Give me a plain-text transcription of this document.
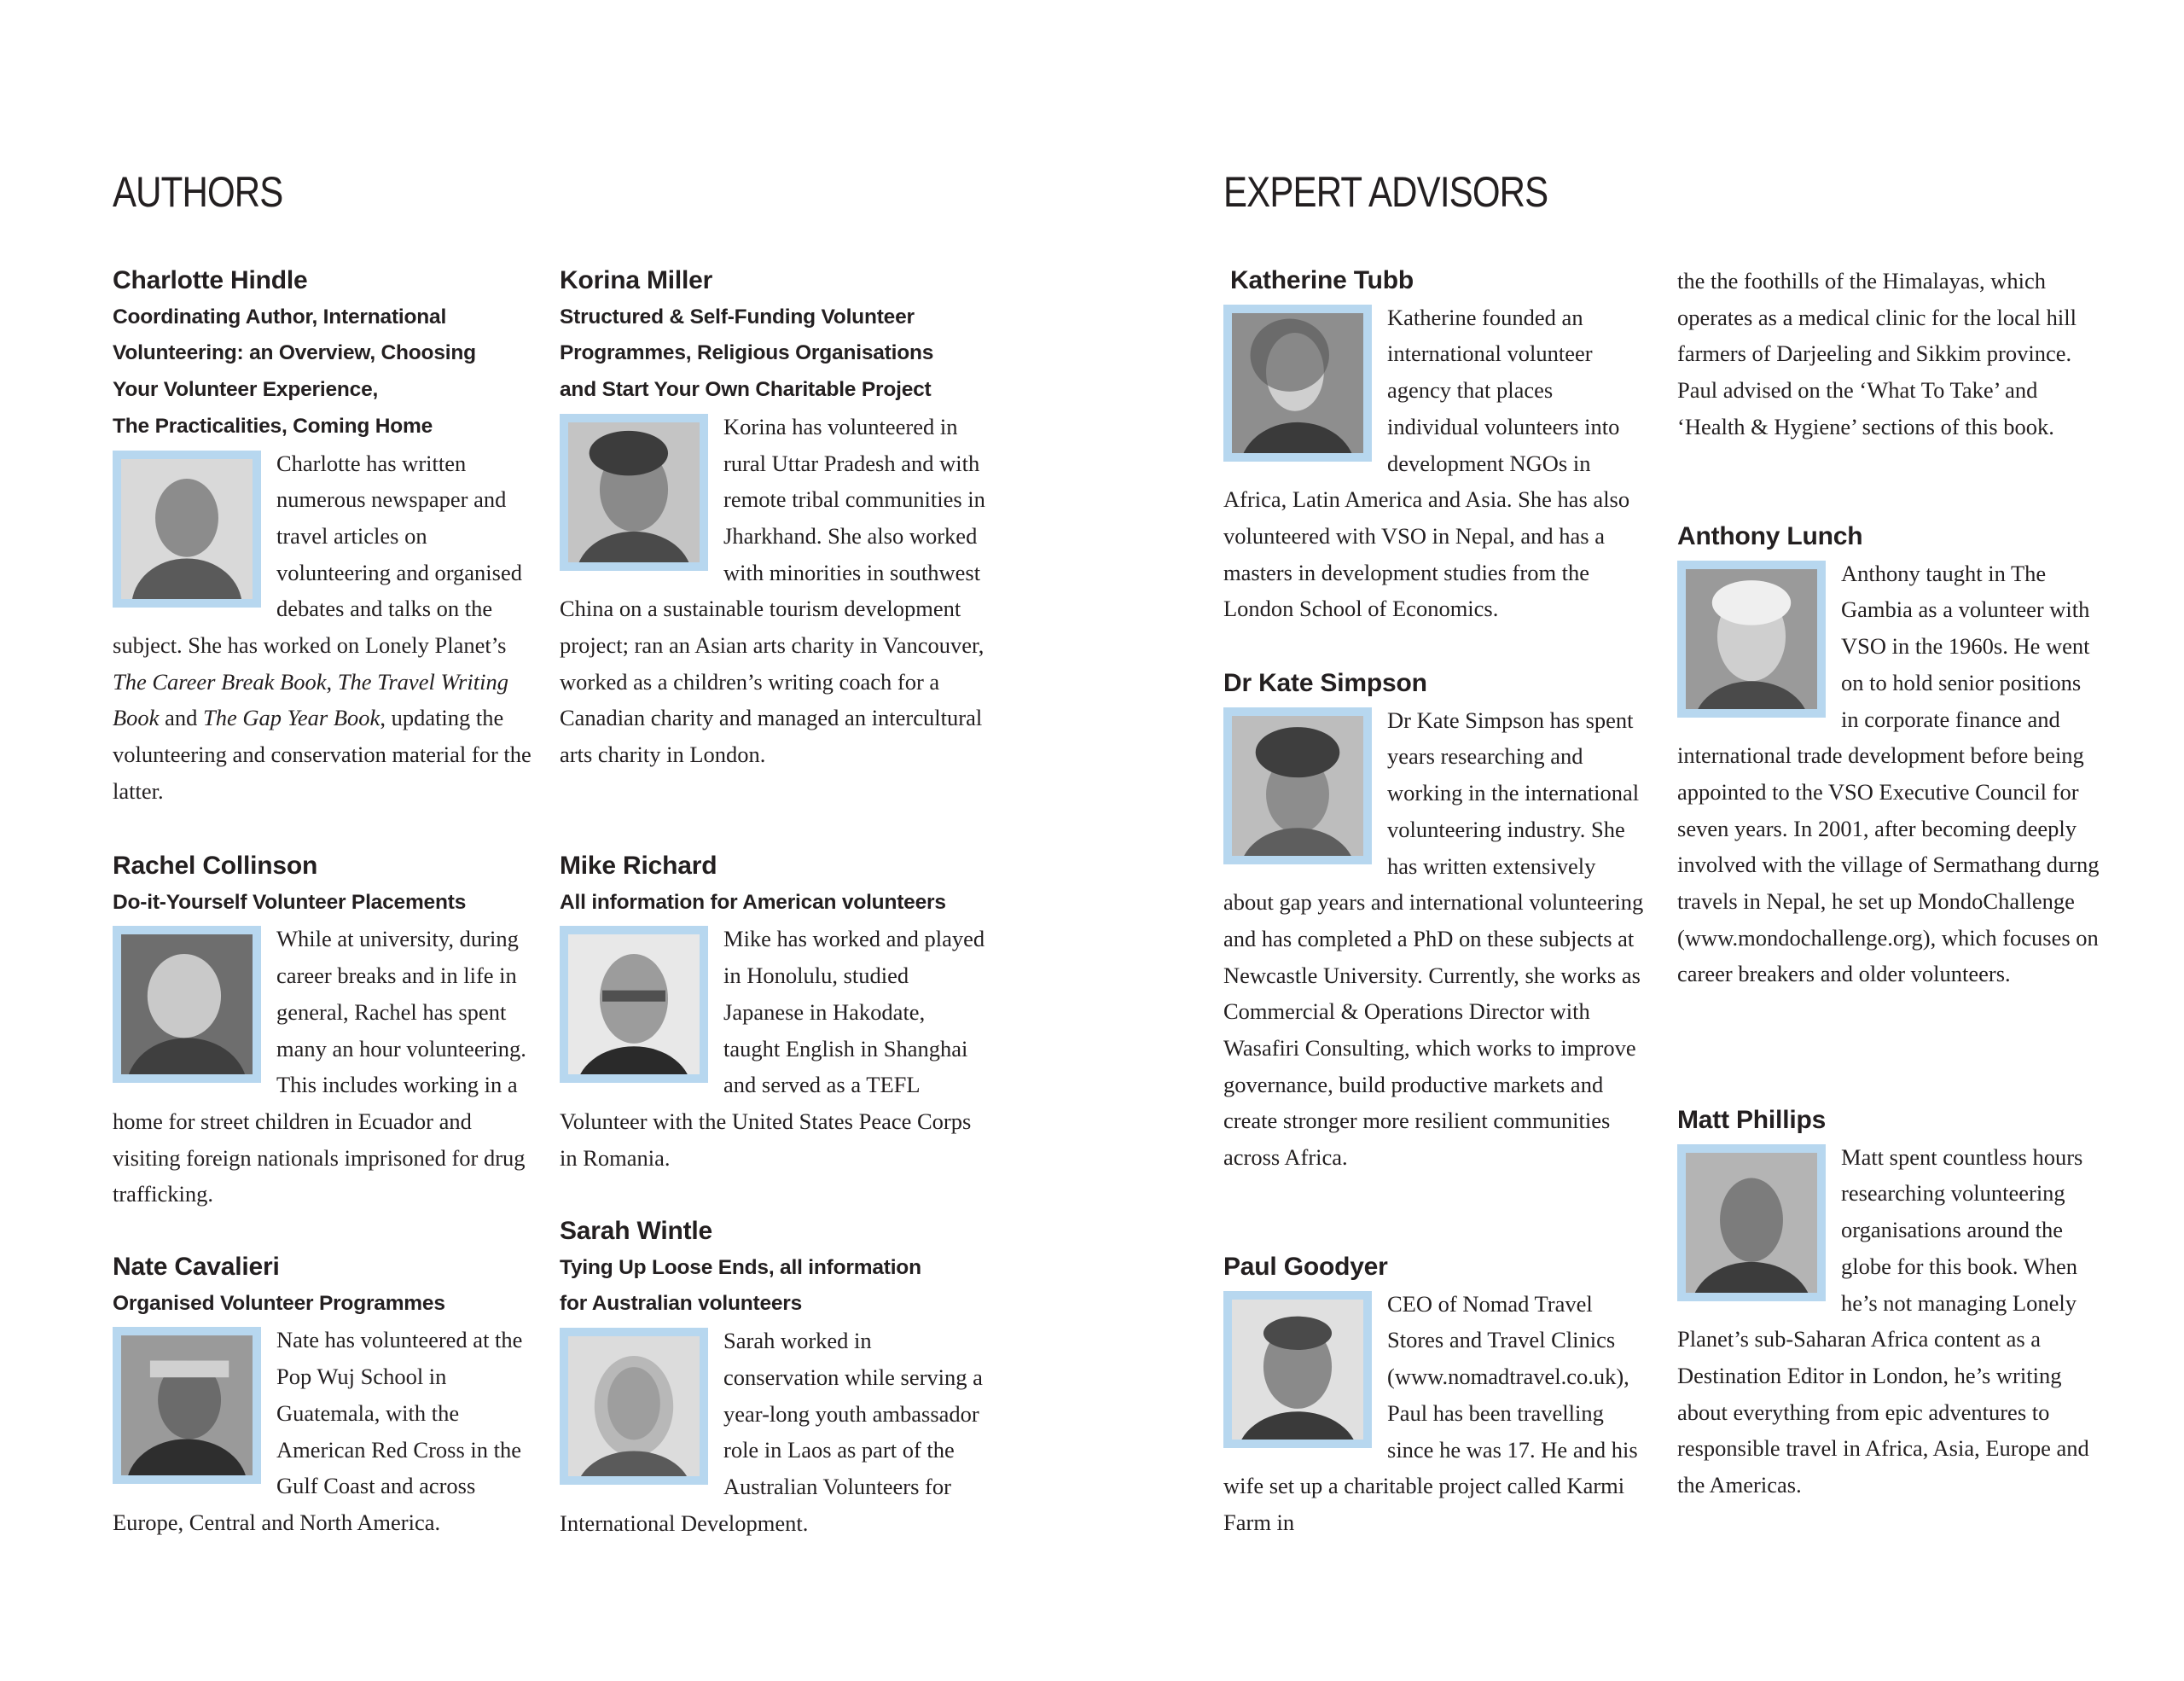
AUTHORS	EXPERT ADVISORS

Charlotte Hindle

Coordinating Author, International
Volunteering: an Overview, Choosing
Your Volunteer Experience,
The Practicalities, Coming Home

Charlotte has written numerous newspaper and travel articles on volunteering and organised debates and talks on the subject. She has worked on Lonely Planet’s The Career Break Book, The Travel Writing Book and The Gap Year Book, updating the volunteering and conservation material for the latter.

Rachel Collinson

Do-it-Yourself Volunteer Placements

While at university, during career breaks and in life in general, Rachel has spent many an hour volunteering. This includes working in a home for street children in Ecuador and visiting foreign nationals imprisoned for drug trafficking.

Nate Cavalieri

Organised Volunteer Programmes

Nate has volunteered at the Pop Wuj School in Guatemala, with the American Red Cross in the Gulf Coast and across Europe, Central and North America.

Korina Miller

Structured & Self-Funding Volunteer
Programmes, Religious Organisations
and Start Your Own Charitable Project

Korina has volunteered in rural Uttar Pradesh and with remote tribal communities in Jharkhand. She also worked with minorities in southwest China on a sustainable tourism development project; ran an Asian arts charity in Vancouver, worked as a children’s writing coach for a Canadian charity and managed an intercultural arts charity in London.

Mike Richard

All information for American volunteers

Mike has worked and played in Honolulu, studied Japanese in Hakodate, taught English in Shanghai and served as a TEFL Volunteer with the United States Peace Corps in Romania.

Sarah Wintle

Tying Up Loose Ends, all information
for Australian volunteers

Sarah worked in conservation while serving a year-long youth ambassador role in Laos as part of the Australian Volunteers for International Development.

Katherine Tubb

Katherine founded an international volunteer agency that places individual volunteers into development NGOs in Africa, Latin America and Asia. She has also volunteered with VSO in Nepal, and has a masters in development studies from the London School of Economics.

Dr Kate Simpson

Dr Kate Simpson has spent years researching and working in the international volunteering industry. She has written extensively about gap years and international volunteering and has completed a PhD on these subjects at Newcastle University. Currently, she works as Commercial & Operations Director with Wasafiri Consulting, which works to improve governance, build productive markets and create stronger more resilient communities across Africa.

Paul Goodyer

CEO of Nomad Travel Stores and Travel Clinics (www.nomadtravel.co.uk), Paul has been travelling since he was 17. He and his wife set up a charitable project called Karmi Farm in

the the foothills of the Himalayas, which operates as a medical clinic for the local hill farmers of Darjeeling and Sikkim province. Paul advised on the ‘What To Take’ and ‘Health & Hygiene’ sections of this book.

Anthony Lunch

Anthony taught in The Gambia as a volunteer with VSO in the 1960s. He went on to hold senior positions in corporate finance and international trade development before being appointed to the VSO Executive Council for seven years. In 2001, after becoming deeply involved with the village of Sermathang durng travels in Nepal, he set up MondoChallenge (www.mondochallenge.org), which focuses on career breakers and older volunteers.

Matt Phillips

Matt spent countless hours researching volunteering organisations around the globe for this book. When he’s not managing Lonely Planet’s sub-Saharan Africa content as a Destination Editor in London, he’s writing about everything from epic adventures to responsible travel in Africa, Asia, Europe and the Americas.
